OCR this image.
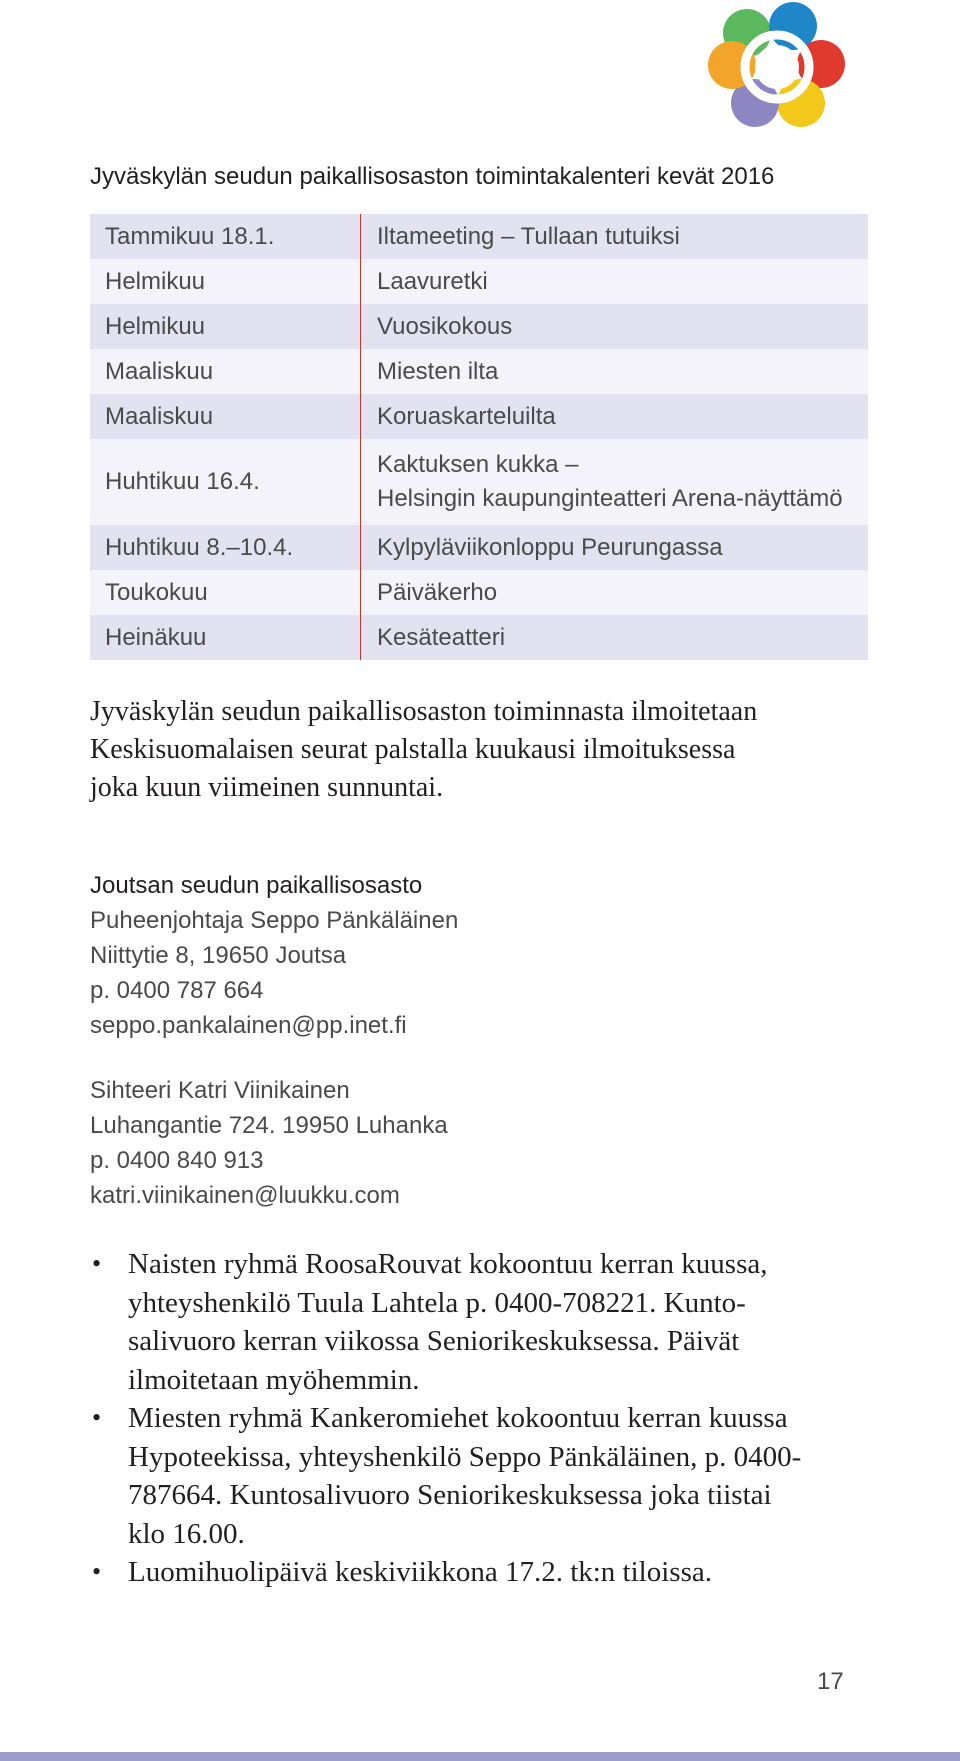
Jyväskylän seudun paikallisosaston toimintakalenteri kevät 2016
Tammikuu 18.1.	Iltameeting – Tullaan tutuiksi

Helmikuu	Laavuretki

Helmikuu	Vuosikokous

Maaliskuu	Miesten ilta

Maaliskuu	Koruaskarteluilta

Huhtikuu 16.4.	Kaktuksen kukka –
Helsingin kaupunginteatteri Arena-näyttämö

Huhtikuu 8.–10.4.	Kylpyläviikonloppu Peurungassa

Toukokuu	Päiväkerho

Heinäkuu	Kesäteatteri

Jyväskylän seudun paikallisosaston toiminnasta ilmoitetaan
Keskisuomalaisen seurat palstalla kuukausi ilmoituksessa
joka kuun viimeinen sunnuntai.

Joutsan seudun paikallisosasto
Puheenjohtaja Seppo Pänkäläinen
Niittytie 8, 19650 Joutsa
p. 0400 787 664
seppo.pankalainen@pp.inet.fi
Sihteeri Katri Viinikainen
Luhangantie 724. 19950 Luhanka
p. 0400 840 913
katri.viinikainen@luukku.com
• Naisten ryhmä RoosaRouvat kokoontuu kerran kuussa,
yhteyshenkilö Tuula Lahtela p. 0400-708221. Kunto-
salivuoro kerran viikossa Seniorikeskuksessa. Päivät
ilmoitetaan myöhemmin.
• Miesten ryhmä Kankeromiehet kokoontuu kerran kuussa
Hypoteekissa, yhteyshenkilö Seppo Pänkäläinen, p. 0400-
787664. Kuntosalivuoro Seniorikeskuksessa joka tiistai
klo 16.00.
• Luomihuolipäivä keskiviikkona 17.2. tk:n tiloissa.
17
